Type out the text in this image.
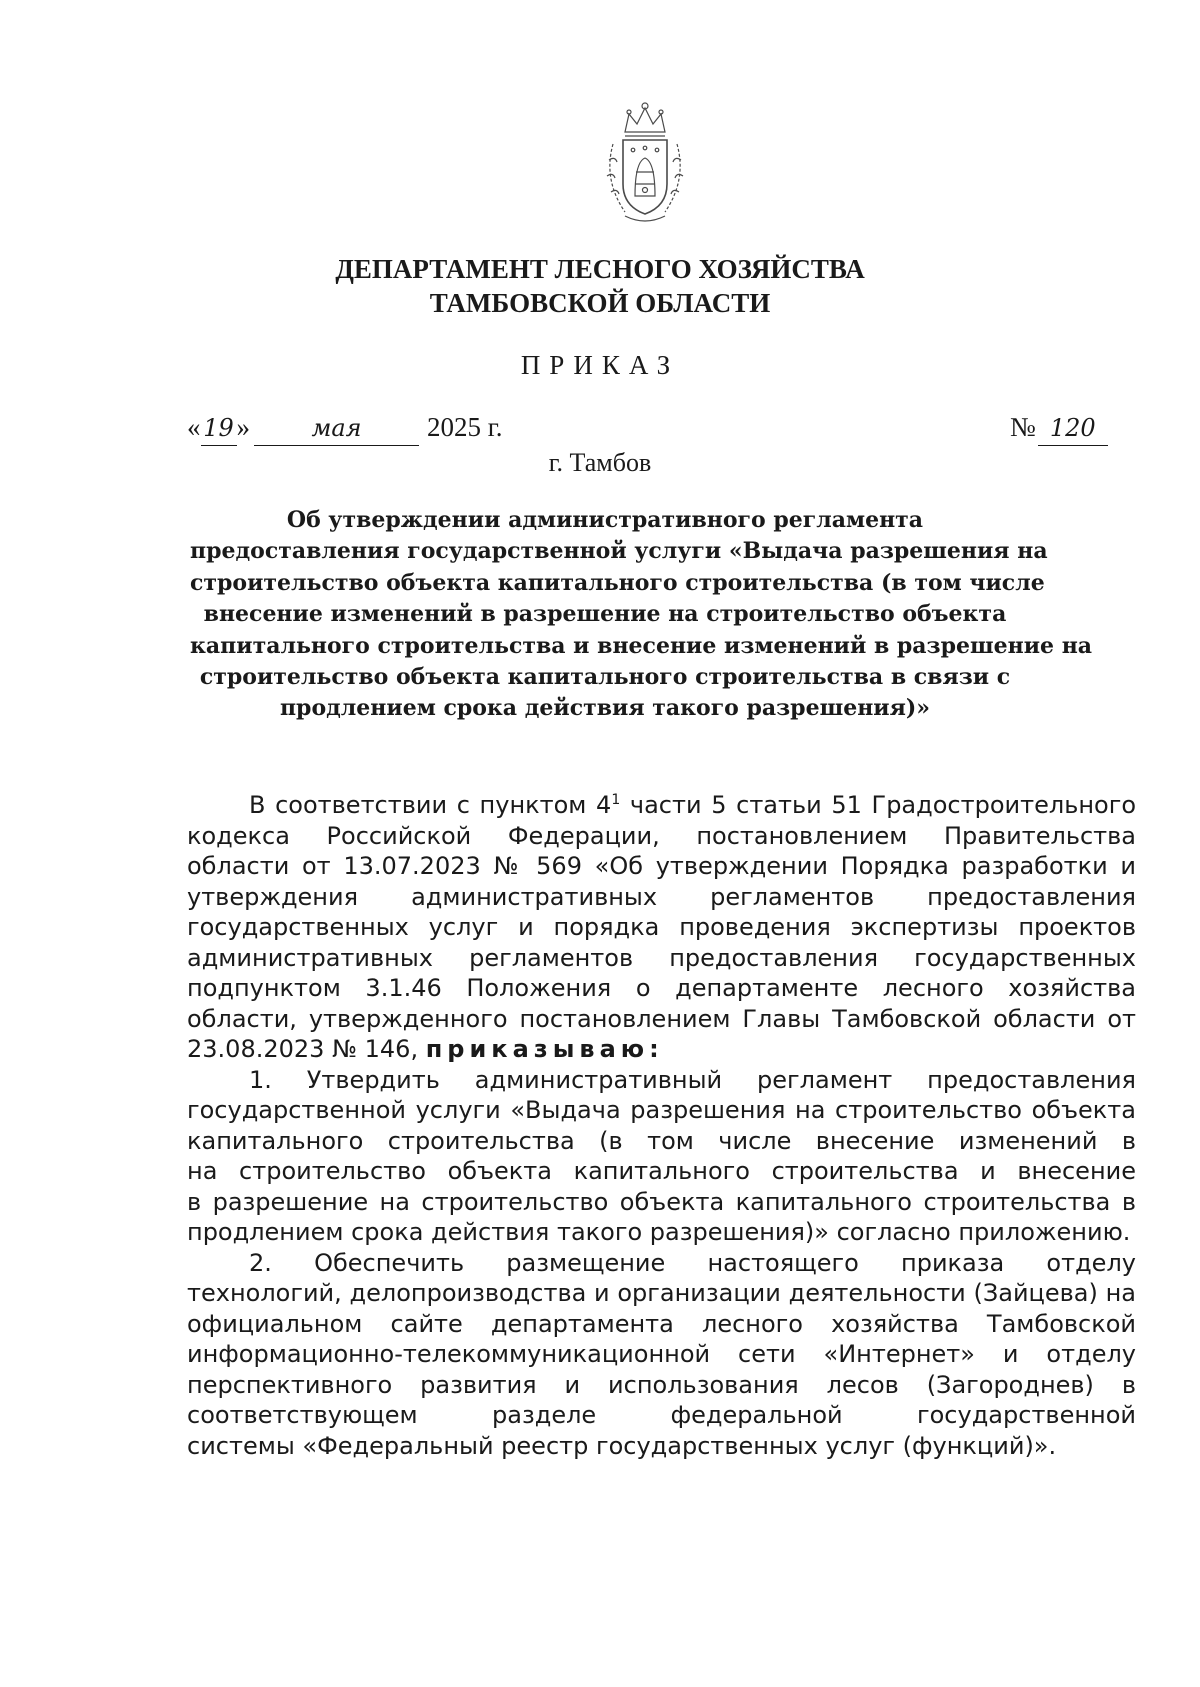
ДЕПАРТАМЕНТ ЛЕСНОГО ХОЗЯЙСТВА
ТАМБОВСКОЙ ОБЛАСТИ
ПРИКАЗ
« 19 »	мая 2025 г.	№ 120
г. Тамбов
Об утверждении административного регламента
предоставления государственной услуги «Выдача разрешения на
строительство объекта капитального строительства (в том числе
внесение изменений в разрешение на строительство объекта
капитального строительства и внесение изменений в разрешение на
строительство объекта капитального строительства в связи с
продлением срока действия такого разрешения)»
В соответствии с пунктом $4^1$ части 5 статьи 51 Градостроительного
кодекса Российской Федерации, постановлением Правительства
области от 13.07.2023 № 569 «Об утверждении Порядка разработки и
утверждения административных регламентов предоставления
государственных услуг и порядка проведения экспертизы проектов
административных регламентов предоставления государственных
подпунктом 3.1.46 Положения о департаменте лесного хозяйства
области, утвержденного постановлением Главы Тамбовской области от
23.08.2023 № 146, приказываю:
1. Утвердить административный регламент предоставления
государственной услуги «Выдача разрешения на строительство объекта
капитального строительства (в том числе внесение изменений в
на строительство объекта капитального строительства и внесение
в разрешение на строительство объекта капитального строительства в
продлением срока действия такого разрешения)» согласно приложению.
2. Обеспечить размещение настоящего приказа отделу
технологий, делопроизводства и организации деятельности (Зайцева) на
официальном сайте департамента лесного хозяйства Тамбовской
информационно-телекоммуникационной сети «Интернет» и отделу
перспективного развития и использования лесов (Загороднев) в
соответствующем разделе федеральной государственной
системы «Федеральный реестр государственных услуг (функций)».
